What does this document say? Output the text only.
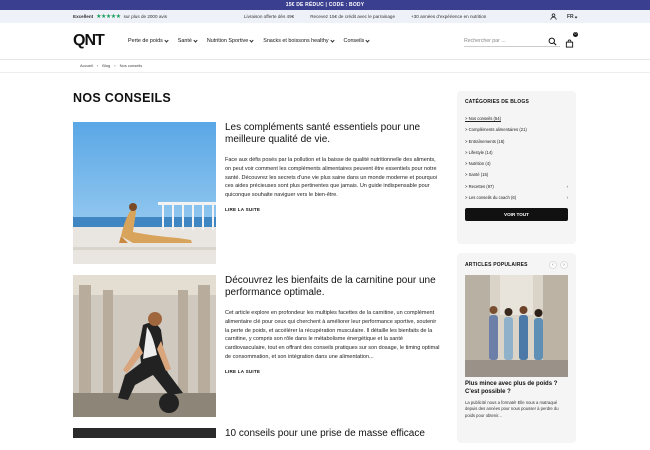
15€ DE RÉDUC | CODE : BODY
Excellent ★★★★★ sur plus de 2000 avis	Livraison offerte dès 49€	Recevez 15€ de crédit avec le parrainage	+30 années d'expérience en nutrition	FR
QNT	Perte de poids	Santé	Nutrition Sportive	Snacks et boissons healthy	Conseils	Rechercher par ...
0
Accueil › Blog › Nos conseils
NOS CONSEILS
Les compléments santé essentiels pour une meilleure qualité de vie.

Face aux défis posés par la pollution et la baisse de qualité nutritionnelle des aliments, on peut voir comment les compléments alimentaires peuvent être essentiels pour notre santé. Découvrez les secrets d'une vie plus saine dans un monde moderne et pourquoi ces aides précieuses sont plus pertinentes que jamais. Un guide indispensable pour quiconque souhaite naviguer vers le bien-être.

LIRE LA SUITE
Découvrez les bienfaits de la carnitine pour une performance optimale.

Cet article explore en profondeur les multiples facettes de la carnitine, un complément alimentaire clé pour ceux qui cherchent à améliorer leur performance sportive, soutenir la perte de poids, et accélérer la récupération musculaire. Il détaille les bienfaits de la carnitine, y compris son rôle dans le métabolisme énergétique et la santé cardiovasculaire, tout en offrant des conseils pratiques sur son dosage, le timing optimal de consommation, et son intégration dans une alimentation...

LIRE LA SUITE
10 conseils pour une prise de masse efficace
CATÉGORIES DE BLOGS
> Nos conseils (54)
> Compléments alimentaires (21)
> Entraînements (18)
> Lifestyle (14)
> Nutrition (4)
> Santé (15)
> Recettes (97)	›
> Les conseils du coach (6)	›
VOIR TOUT
ARTICLES POPULAIRES	‹	›
Plus mince avec plus de poids ? C'est possible ?
La publicité nous a formaté! Elle nous a matraqué depuis des années pour nous pousser à perdre du poids pour obtenir...
